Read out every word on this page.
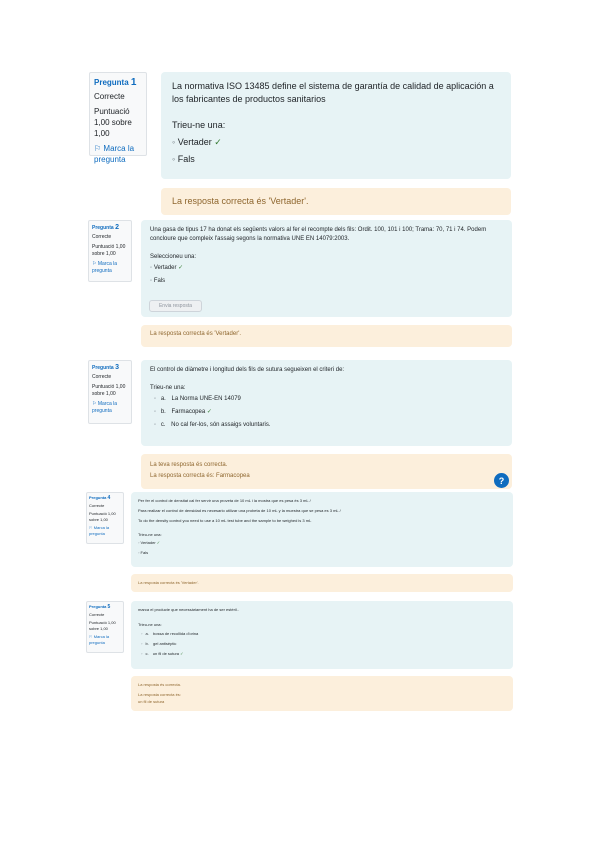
Pregunta 1
Correcte
Puntuació 1,00 sobre 1,00
⚐ Marca la pregunta
La normativa ISO 13485 define el sistema de garantía de calidad de aplicación a los fabricantes de productos sanitarios
Trieu-ne una:
◦ Vertader ✓
◦ Fals
La resposta correcta és 'Vertader'.
Pregunta 2
Correcte
Puntuació 1,00 sobre 1,00
⚐ Marca la pregunta
Una gasa de tipus 17 ha donat els següents valors al fer el recompte dels fils: Ordit. 100, 101 i 100; Trama: 70, 71 i 74. Podem concloure que compleix l'assaig segons la normativa UNE EN 14079:2003.
Seleccioneu una:
◦ Vertader ✓
◦ Fals
Envia resposta
La resposta correcta és 'Vertader'.
Pregunta 3
Correcte
Puntuació 1,00 sobre 1,00
⚐ Marca la pregunta
El control de diàmetre i longitud dels fils de sutura segueixen el criteri de:
Trieu-ne una:
◦ a. La Norma UNE-EN 14079
◦ b. Farmacopea ✓
◦ c. No cal fer-los, són assaigs voluntaris.
La teva resposta és correcta.
La resposta correcta és: Farmacopea	?
Pregunta 4
Correcte
Puntuació 1,00 sobre 1,00
⚐ Marca la pregunta
Per fer el control de densitat cal fer servir una proveta de 10 mL i la mostra que es pesa és 3 mL /
Para realizar el control de densidad es necesario utilizar una probeta de 10 mL y la muestra que se pesa es 3 mL /
To do the density control you need to use a 10 mL test tube and the sample to be weighed is 3 mL
Trieu-ne una:
◦ Vertader ✓
◦ Fals
La resposta correcta és 'Vertader'.
Pregunta 5
Correcte
Puntuació 1,00 sobre 1,00
⚐ Marca la pregunta
marca el producte que necessàriament ha de ser estèril..
Trieu-ne una:
◦ a. bossa de recollida d'orina
◦ b. gel antisèptic
◦ c. un fil de sutura ✓
La resposta és correcta.
La resposta correcta és:
un fil de sutura
